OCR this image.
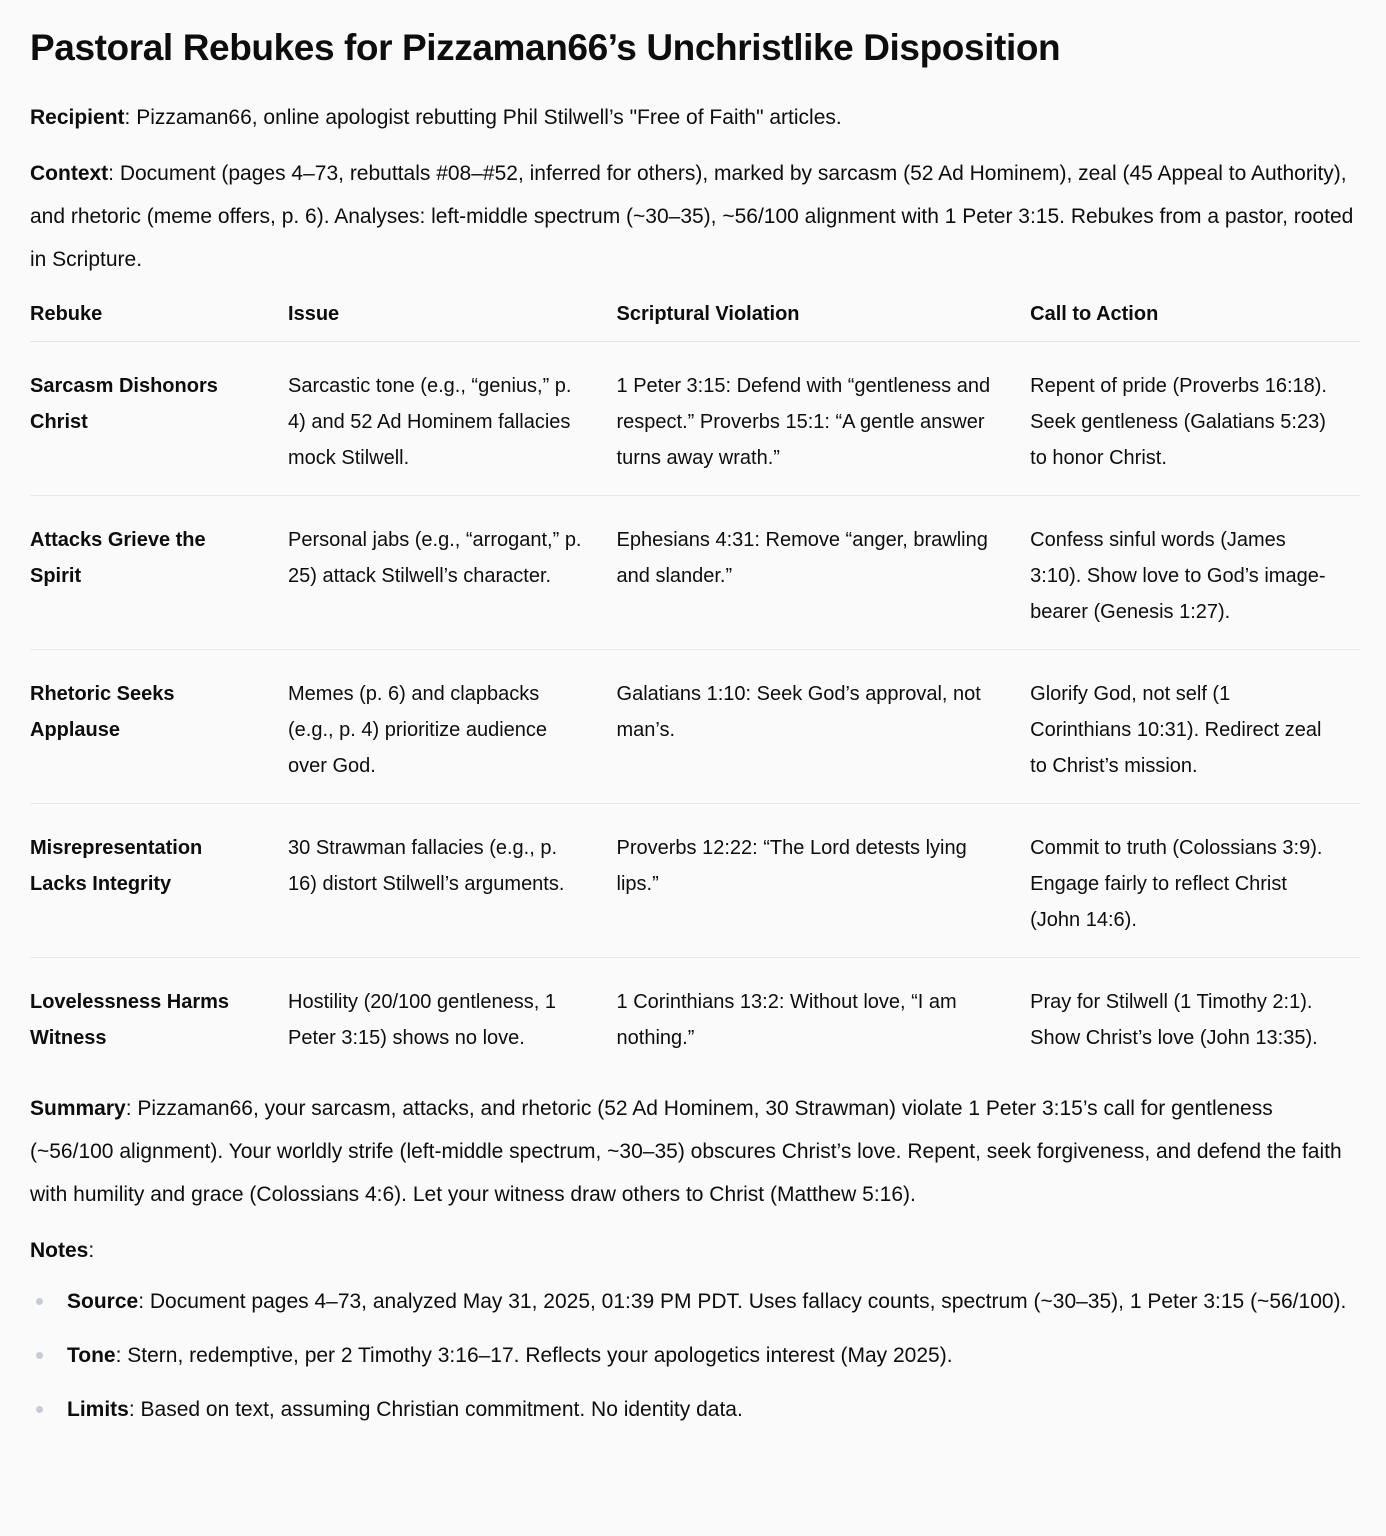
Pastoral Rebukes for Pizzaman66’s Unchristlike Disposition

Recipient: Pizzaman66, online apologist rebutting Phil Stilwell’s "Free of Faith" articles.

Context: Document (pages 4–73, rebuttals #08–#52, inferred for others), marked by sarcasm (52 Ad Hominem), zeal (45 Appeal to Authority), and rhetoric (meme offers, p. 6). Analyses: left-middle spectrum (~30–35), ~56/100 alignment with 1 Peter 3:15. Rebukes from a pastor, rooted in Scripture.

Rebuke	Issue	Scriptural Violation	Call to Action
Sarcasm Dishonors Christ	Sarcastic tone (e.g., “genius,” p. 4) and 52 Ad Hominem fallacies mock Stilwell.	1 Peter 3:15: Defend with “gentleness and respect.” Proverbs 15:1: “A gentle answer turns away wrath.”	Repent of pride (Proverbs 16:18). Seek gentleness (Galatians 5:23) to honor Christ.
Attacks Grieve the Spirit	Personal jabs (e.g., “arrogant,” p. 25) attack Stilwell’s character.	Ephesians 4:31: Remove “anger, brawling and slander.”	Confess sinful words (James 3:10). Show love to God’s image-bearer (Genesis 1:27).
Rhetoric Seeks Applause	Memes (p. 6) and clapbacks (e.g., p. 4) prioritize audience over God.	Galatians 1:10: Seek God’s approval, not man’s.	Glorify God, not self (1 Corinthians 10:31). Redirect zeal to Christ’s mission.
Misrepresentation Lacks Integrity	30 Strawman fallacies (e.g., p. 16) distort Stilwell’s arguments.	Proverbs 12:22: “The Lord detests lying lips.”	Commit to truth (Colossians 3:9). Engage fairly to reflect Christ (John 14:6).
Lovelessness Harms Witness	Hostility (20/100 gentleness, 1 Peter 3:15) shows no love.	1 Corinthians 13:2: Without love, “I am nothing.”	Pray for Stilwell (1 Timothy 2:1). Show Christ’s love (John 13:35).

Summary: Pizzaman66, your sarcasm, attacks, and rhetoric (52 Ad Hominem, 30 Strawman) violate 1 Peter 3:15’s call for gentleness (~56/100 alignment). Your worldly strife (left-middle spectrum, ~30–35) obscures Christ’s love. Repent, seek forgiveness, and defend the faith with humility and grace (Colossians 4:6). Let your witness draw others to Christ (Matthew 5:16).

Notes:

Source: Document pages 4–73, analyzed May 31, 2025, 01:39 PM PDT. Uses fallacy counts, spectrum (~30–35), 1 Peter 3:15 (~56/100).
Tone: Stern, redemptive, per 2 Timothy 3:16–17. Reflects your apologetics interest (May 2025).
Limits: Based on text, assuming Christian commitment. No identity data.
